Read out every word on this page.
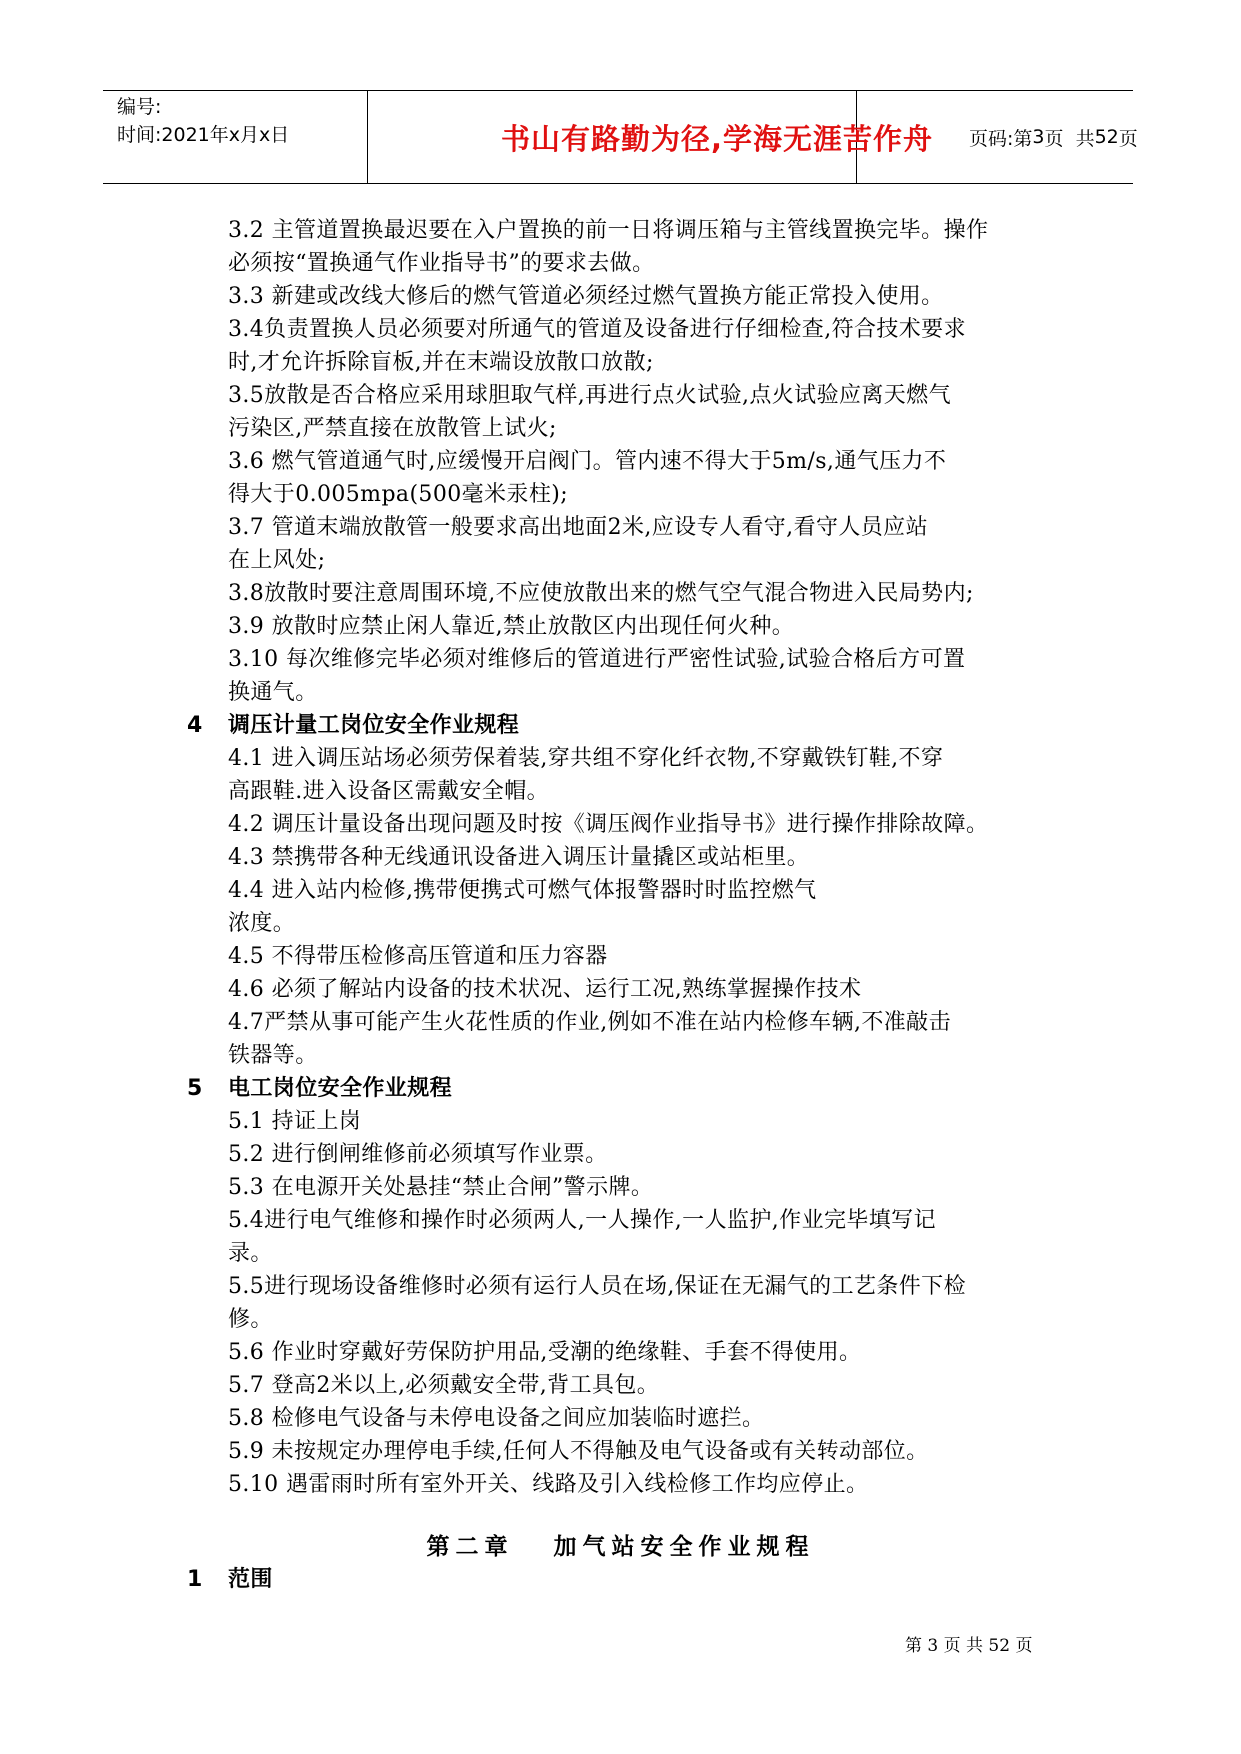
编号:
时间:2021年x月x日	书山有路勤为径,学海无涯苦作舟	页码:第 3 页  共 52 页
3.2 主管道置换最迟要在入户置换的前一日将调压箱与主管线置换完毕。操作
必须按“置换通气作业指导书”的要求去做。
3.3 新建或改线大修后的燃气管道必须经过燃气置换方能正常投入使用。
3.4负责置换人员必须要对所通气的管道及设备进行仔细检查,符合技术要求
时,才允许拆除盲板,并在末端设放散口放散;
3.5放散是否合格应采用球胆取气样,再进行点火试验,点火试验应离天燃气
污染区,严禁直接在放散管上试火;
3.6 燃气管道通气时,应缓慢开启阀门。管内速不得大于5m/s,通气压力不
得大于0.005mpa(500毫米汞柱);
3.7 管道末端放散管一般要求高出地面2米,应设专人看守,看守人员应站
在上风处;
3.8放散时要注意周围环境,不应使放散出来的燃气空气混合物进入民局势内;
3.9 放散时应禁止闲人靠近,禁止放散区内出现任何火种。
3.10 每次维修完毕必须对维修后的管道进行严密性试验,试验合格后方可置
换通气。
4 调压计量工岗位安全作业规程
4.1 进入调压站场必须劳保着装,穿共组不穿化纤衣物,不穿戴铁钉鞋,不穿
高跟鞋.进入设备区需戴安全帽。
4.2 调压计量设备出现问题及时按《调压阀作业指导书》进行操作排除故障。
4.3 禁携带各种无线通讯设备进入调压计量撬区或站柜里。
4.4 进入站内检修,携带便携式可燃气体报警器时时监控燃气
浓度。
4.5 不得带压检修高压管道和压力容器
4.6 必须了解站内设备的技术状况、运行工况,熟练掌握操作技术
4.7严禁从事可能产生火花性质的作业,例如不准在站内检修车辆,不准敲击
铁器等。
5 电工岗位安全作业规程
5.1 持证上岗
5.2 进行倒闸维修前必须填写作业票。
5.3 在电源开关处悬挂“禁止合闸”警示牌。
5.4进行电气维修和操作时必须两人,一人操作,一人监护,作业完毕填写记
录。
5.5进行现场设备维修时必须有运行人员在场,保证在无漏气的工艺条件下检
修。
5.6 作业时穿戴好劳保防护用品,受潮的绝缘鞋、手套不得使用。
5.7 登高2米以上,必须戴安全带,背工具包。
5.8 检修电气设备与未停电设备之间应加装临时遮拦。
5.9 未按规定办理停电手续,任何人不得触及电气设备或有关转动部位。
5.10 遇雷雨时所有室外开关、线路及引入线检修工作均应停止。
第二章 加气站安全作业规程
1 范围
第 3 页 共 52 页
